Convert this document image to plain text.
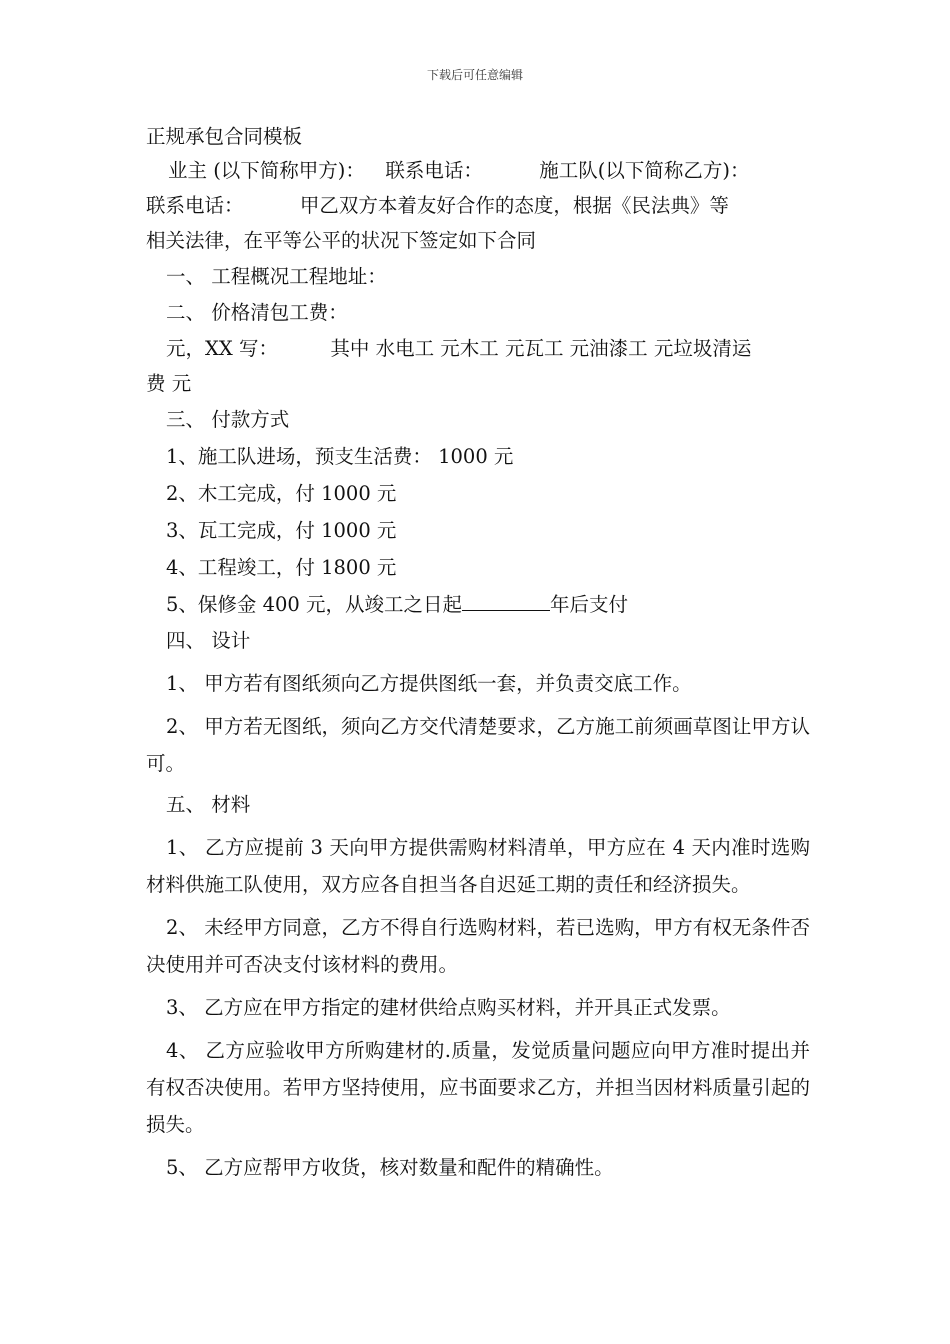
下载后可任意编辑

正规承包合同模板

业主 (以下简称甲方)： 联系电话：	施工队(以下简称乙方)：

联系电话：	甲乙双方本着友好合作的态度，根据《民法典》等

相关法律，在平等公平的状况下签定如下合同

一、 工程概况工程地址：

二、 价格清包工费：

元，XX 写：	其中 水电工 元木工 元瓦工 元油漆工 元垃圾清运

费 元

三、 付款方式

1、施工队进场，预支生活费： 1000 元

2、木工完成，付 1000 元

3、瓦工完成，付 1000 元

4、工程竣工，付 1800 元

5、保修金 400 元，从竣工之日起	年后支付

四、 设计

1、 甲方若有图纸须向乙方提供图纸一套，并负责交底工作。

2、 甲方若无图纸，须向乙方交代清楚要求，乙方施工前须画草图让甲方认可。

五、 材料

1、 乙方应提前 3 天向甲方提供需购材料清单，甲方应在 4 天内准时选购材料供施工队使用，双方应各自担当各自迟延工期的责任和经济损失。

2、 未经甲方同意，乙方不得自行选购材料，若已选购，甲方有权无条件否决使用并可否决支付该材料的费用。

3、 乙方应在甲方指定的建材供给点购买材料，并开具正式发票。

4、 乙方应验收甲方所购建材的.质量，发觉质量问题应向甲方准时提出并有权否决使用。若甲方坚持使用，应书面要求乙方，并担当因材料质量引起的损失。

5、 乙方应帮甲方收货，核对数量和配件的精确性。
